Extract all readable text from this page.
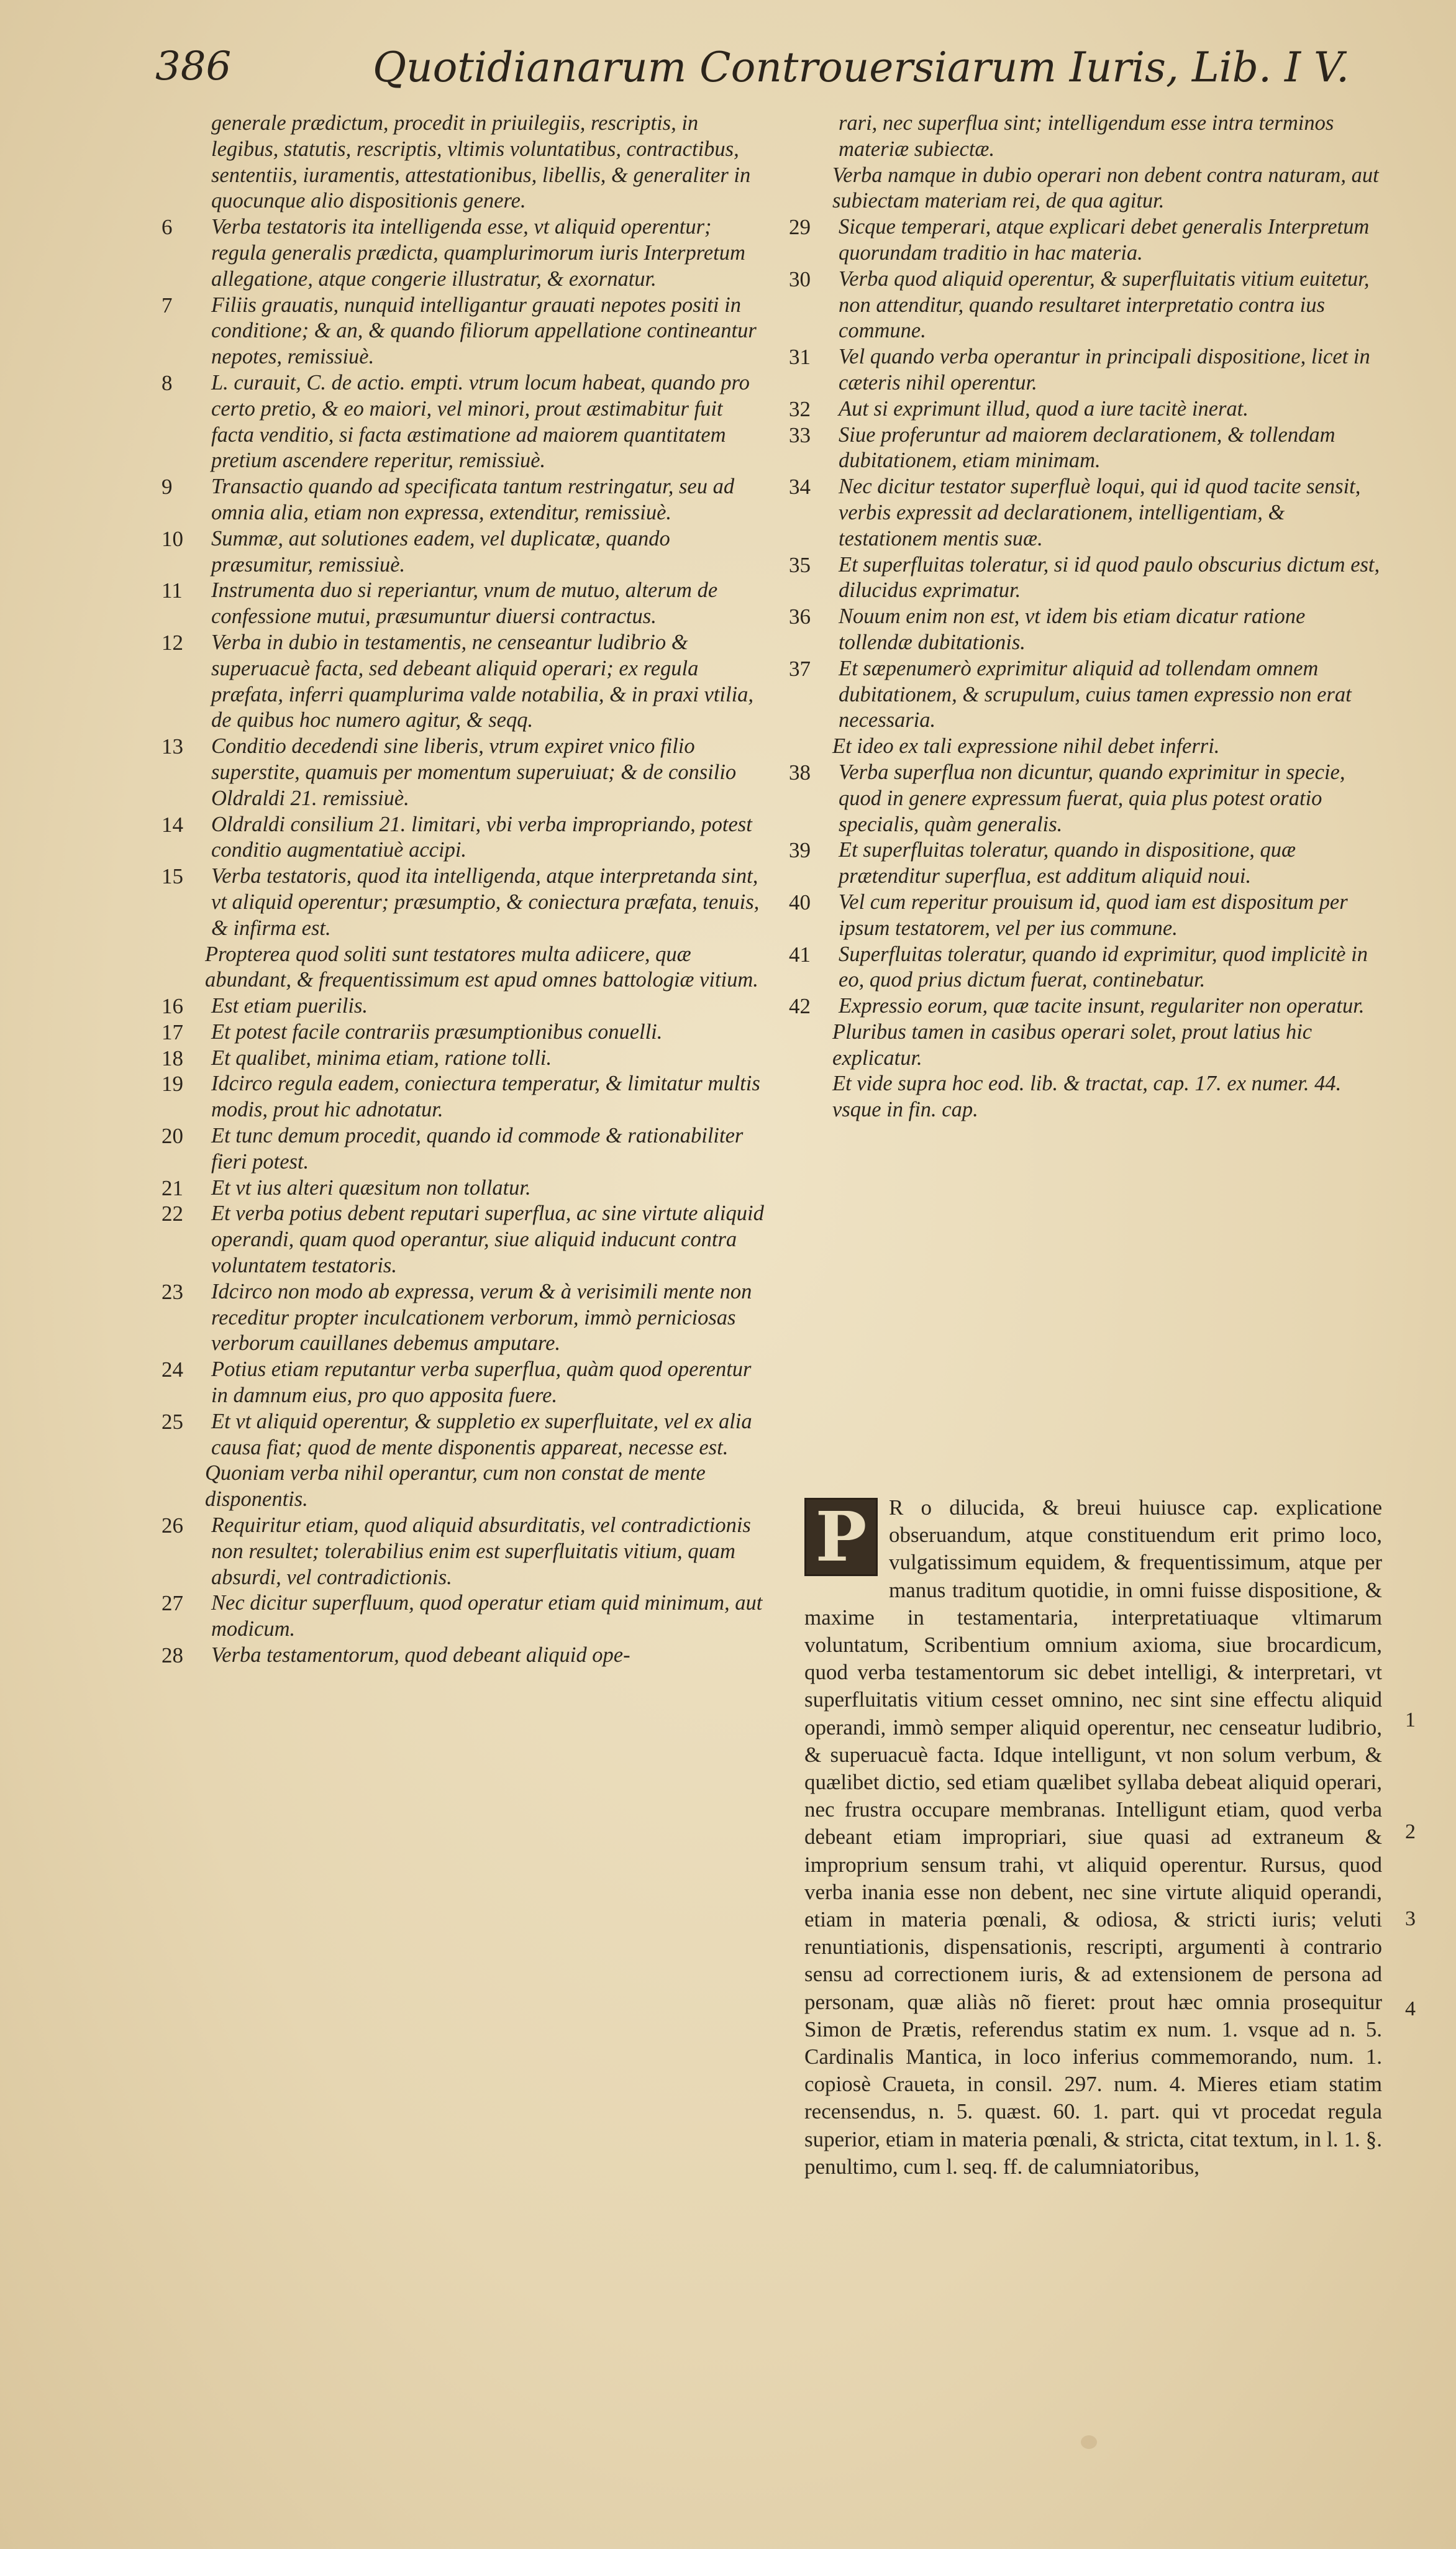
386	Quotidianarum Controuersiarum Iuris, Lib. I V.
generale prædictum, procedit in priuilegiis, rescriptis, in legibus, statutis, rescriptis, vltimis voluntatibus, contractibus, sententiis, iuramentis, attestationibus, libellis, & generaliter in quocunque alio dispositionis genere.
6	Verba testatoris ita intelligenda esse, vt aliquid operentur; regula generalis prædicta, quamplurimorum iuris Interpretum allegatione, atque congerie illustratur, & exornatur.
7	Filiis grauatis, nunquid intelligantur grauati nepotes positi in conditione; & an, & quando filiorum appellatione contineantur nepotes, remissiuè.
8	L. curauit, C. de actio. empti. vtrum locum habeat, quando pro certo pretio, & eo maiori, vel minori, prout æstimabitur fuit facta venditio, si facta æstimatione ad maiorem quantitatem pretium ascendere reperitur, remissiuè.
9	Transactio quando ad specificata tantum restringatur, seu ad omnia alia, etiam non expressa, extenditur, remissiuè.
10	Summæ, aut solutiones eadem, vel duplicatæ, quando præsumitur, remissiuè.
11	Instrumenta duo si reperiantur, vnum de mutuo, alterum de confessione mutui, præsumuntur diuersi contractus.
12	Verba in dubio in testamentis, ne censeantur ludibrio & superuacuè facta, sed debeant aliquid operari; ex regula præfata, inferri quamplurima valde notabilia, & in praxi vtilia, de quibus hoc numero agitur, & seqq.
13	Conditio decedendi sine liberis, vtrum expiret vnico filio superstite, quamuis per momentum superuiuat; & de consilio Oldraldi 21. remissiuè.
14	Oldraldi consilium 21. limitari, vbi verba impropriando, potest conditio augmentatiuè accipi.
15	Verba testatoris, quod ita intelligenda, atque interpretanda sint, vt aliquid operentur; præsumptio, & coniectura præfata, tenuis, & infirma est.
Propterea quod soliti sunt testatores multa adiicere, quæ abundant, & frequentissimum est apud omnes battologiæ vitium.
16	Est etiam puerilis.
17	Et potest facile contrariis præsumptionibus conuelli.
18	Et qualibet, minima etiam, ratione tolli.
19	Idcirco regula eadem, coniectura temperatur, & limitatur multis modis, prout hic adnotatur.
20	Et tunc demum procedit, quando id commode & rationabiliter fieri potest.
21	Et vt ius alteri quæsitum non tollatur.
22	Et verba potius debent reputari superflua, ac sine virtute aliquid operandi, quam quod operantur, siue aliquid inducunt contra voluntatem testatoris.
23	Idcirco non modo ab expressa, verum & à verisimili mente non receditur propter inculcationem verborum, immò perniciosas verborum cauillanes debemus amputare.
24	Potius etiam reputantur verba superflua, quàm quod operentur in damnum eius, pro quo apposita fuere.
25	Et vt aliquid operentur, & suppletio ex superfluitate, vel ex alia causa fiat; quod de mente disponentis appareat, necesse est.
Quoniam verba nihil operantur, cum non constat de mente disponentis.
26	Requiritur etiam, quod aliquid absurditatis, vel contradictionis non resultet; tolerabilius enim est superfluitatis vitium, quam absurdi, vel contradictionis.
27	Nec dicitur superfluum, quod operatur etiam quid minimum, aut modicum.
28	Verba testamentorum, quod debeant aliquid ope-
rari, nec superflua sint; intelligendum esse intra terminos materiæ subiectæ.
Verba namque in dubio operari non debent contra naturam, aut subiectam materiam rei, de qua agitur.
29	Sicque temperari, atque explicari debet generalis Interpretum quorundam traditio in hac materia.
30	Verba quod aliquid operentur, & superfluitatis vitium euitetur, non attenditur, quando resultaret interpretatio contra ius commune.
31	Vel quando verba operantur in principali dispositione, licet in cæteris nihil operentur.
32	Aut si exprimunt illud, quod a iure tacitè inerat.
33	Siue proferuntur ad maiorem declarationem, & tollendam dubitationem, etiam minimam.
34	Nec dicitur testator superfluè loqui, qui id quod tacite sensit, verbis expressit ad declarationem, intelligentiam, & testationem mentis suæ.
35	Et superfluitas toleratur, si id quod paulo obscurius dictum est, dilucidus exprimatur.
36	Nouum enim non est, vt idem bis etiam dicatur ratione tollendæ dubitationis.
37	Et sæpenumerò exprimitur aliquid ad tollendam omnem dubitationem, & scrupulum, cuius tamen expressio non erat necessaria.
Et ideo ex tali expressione nihil debet inferri.
38	Verba superflua non dicuntur, quando exprimitur in specie, quod in genere expressum fuerat, quia plus potest oratio specialis, quàm generalis.
39	Et superfluitas toleratur, quando in dispositione, quæ prætenditur superflua, est additum aliquid noui.
40	Vel cum reperitur prouisum id, quod iam est dispositum per ipsum testatorem, vel per ius commune.
41	Superfluitas toleratur, quando id exprimitur, quod implicitè in eo, quod prius dictum fuerat, continebatur.
42	Expressio eorum, quæ tacite insunt, regulariter non operatur.
Pluribus tamen in casibus operari solet, prout latius hic explicatur.
Et vide supra hoc eod. lib. & tractat, cap. 17. ex numer. 44. vsque in fin. cap.
P	R o dilucida, & breui huiusce cap. explicatione obseruandum, atque constituendum erit primo loco, vulgatissimum equidem, & frequentissimum, atque per manus traditum quotidie, in omni fuisse dispositione, & maxime in testamentaria, interpretatiuaque vltimarum voluntatum, Scribentium omnium axioma, siue brocardicum, quod verba testamentorum sic debet intelligi, & interpretari, vt superfluitatis vitium cesset omnino, nec sint sine effectu aliquid operandi, immò semper aliquid operentur, nec censeatur ludibrio, & superuacuè facta. Idque intelligunt, vt non solum verbum, & quælibet dictio, sed etiam quælibet syllaba debeat aliquid operari, nec frustra occupare membranas. Intelligunt etiam, quod verba debeant etiam impropriari, siue quasi ad extraneum & improprium sensum trahi, vt aliquid operentur. Rursus, quod verba inania esse non debent, nec sine virtute aliquid operandi, etiam in materia pœnali, & odiosa, & stricti iuris; veluti renuntiationis, dispensationis, rescripti, argumenti à contrario sensu ad correctionem iuris, & ad extensionem de persona ad personam, quæ aliàs nõ fieret: prout hæc omnia prosequitur Simon de Prætis, referendus statim ex num. 1. vsque ad n. 5. Cardinalis Mantica, in loco inferius commemorando, num. 1. copiosè Craueta, in consil. 297. num. 4. Mieres etiam statim recensendus, n. 5. quæst. 60. 1. part. qui vt procedat regula superior, etiam in materia pœnali, & stricta, citat textum, in l. 1. §. penultimo, cum l. seq. ff. de calumniatoribus,
1
2
3
4
